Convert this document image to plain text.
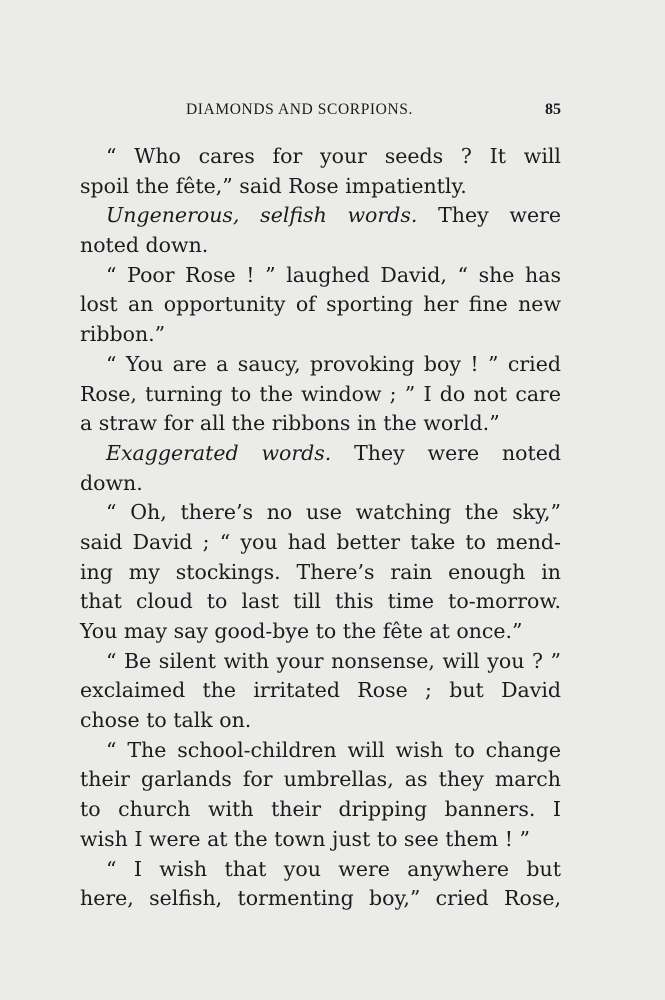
DIAMONDS AND SCORPIONS.	85
“ Who cares for your seeds ? It will
spoil the fête,” said Rose impatiently.
Ungenerous, selfish words. They were
noted down.
“ Poor Rose ! ” laughed David, “ she has
lost an opportunity of sporting her fine new
ribbon.”
“ You are a saucy, provoking boy ! ” cried
Rose, turning to the window ; ” I do not care
a straw for all the ribbons in the world.”
Exaggerated words. They were noted
down.
“ Oh, there’s no use watching the sky,”
said David ; “ you had better take to mend-
ing my stockings. There’s rain enough in
that cloud to last till this time to-morrow.
You may say good-bye to the fête at once.”
“ Be silent with your nonsense, will you ? ”
exclaimed the irritated Rose ; but David
chose to talk on.
“ The school-children will wish to change
their garlands for umbrellas, as they march
to church with their dripping banners. I
wish I were at the town just to see them ! ”
“ I wish that you were anywhere but
here, selfish, tormenting boy,” cried Rose,
